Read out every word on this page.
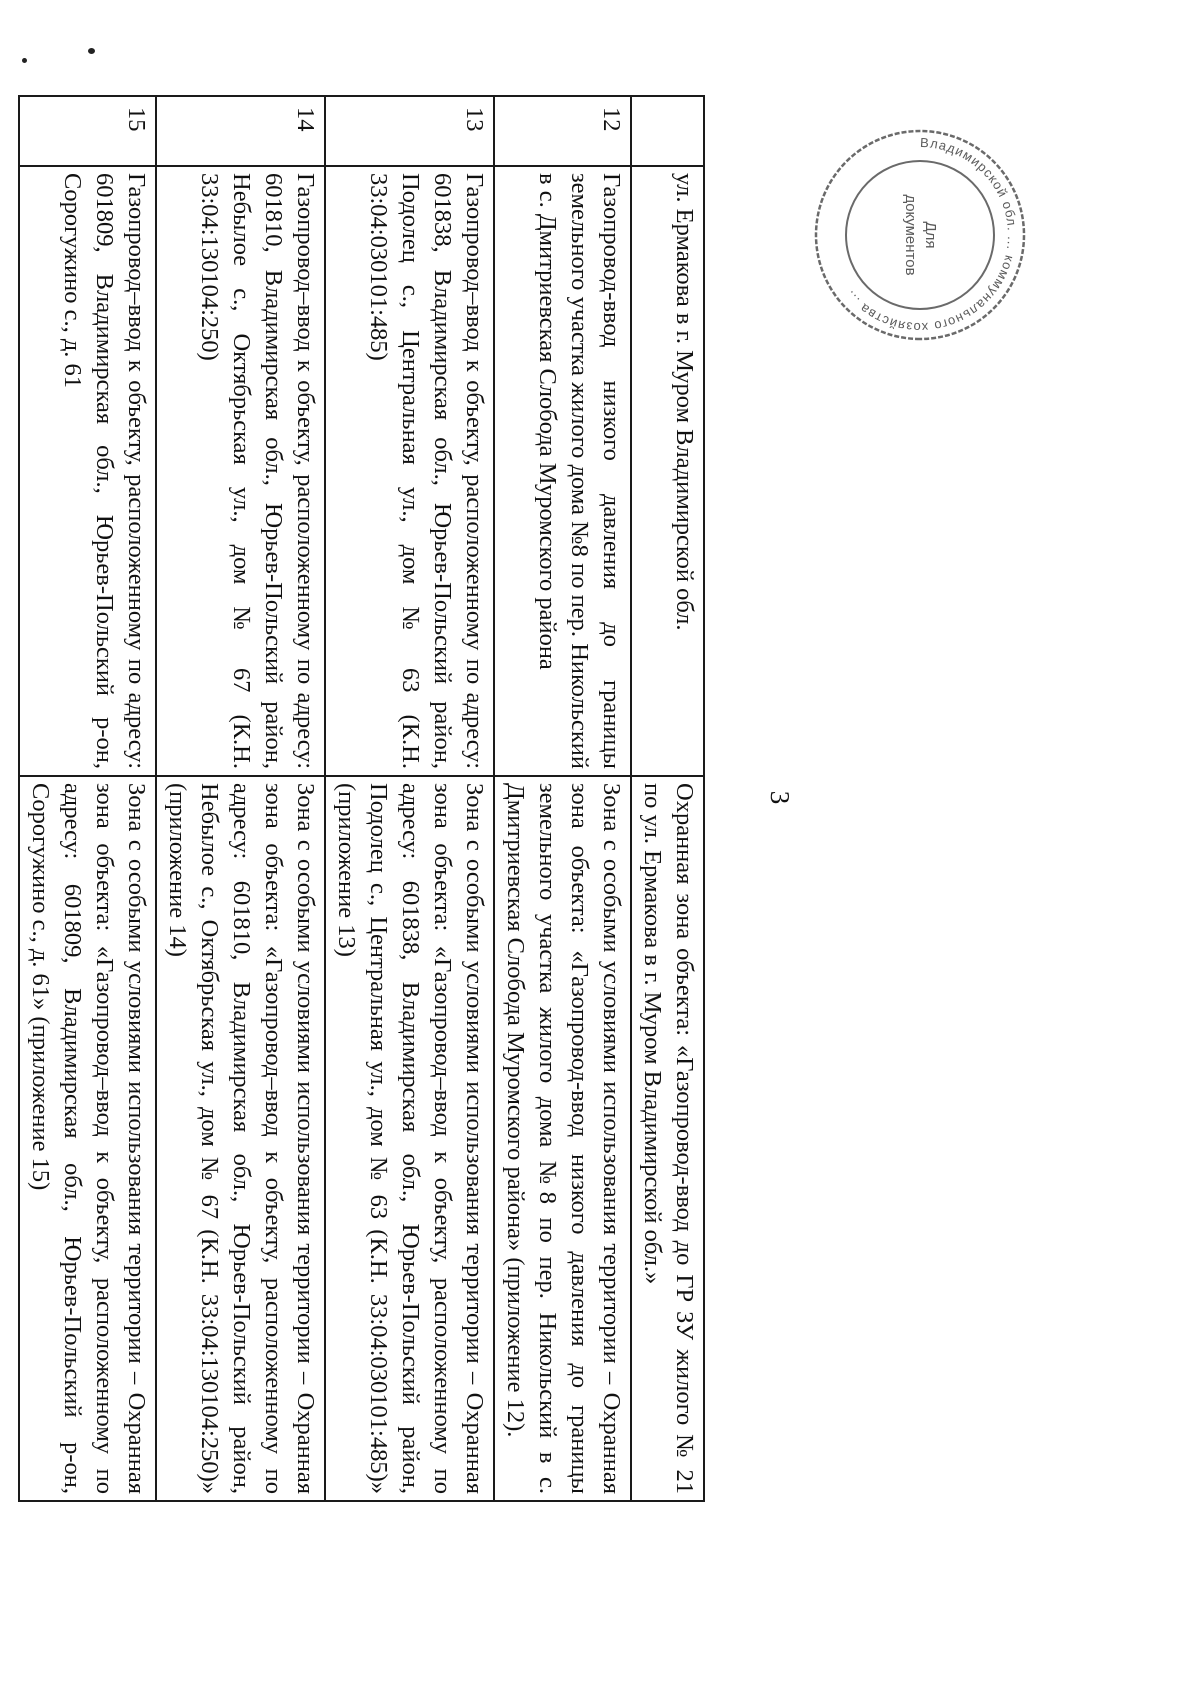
3
	ул. Ермакова в г. Муром Владимирской обл.	Охранная зона объекта: «Газопровод-ввод до ГР ЗУ жилого № 21 по ул. Ермакова в г. Муром Владимирской обл.»
12	Газопровод-ввод низкого давления до границы земельного участка жилого дома №8 по пер. Никольский в с. Дмитриевская Слобода Муромского района	Зона с особыми условиями использования территории – Охранная зона объекта: «Газопровод-ввод низкого давления до границы земельного участка жилого дома №8 по пер. Никольский в с. Дмитриевская Слобода Муромского района» (приложение 12).
13	Газопровод–ввод к объекту, расположенному по адресу: 601838, Владимирская обл., Юрьев-Польский район, Подолец с., Центральная ул., дом № 63 (К.Н. 33:04:030101:485)	Зона с особыми условиями использования территории – Охранная зона объекта: «Газопровод–ввод к объекту, расположенному по адресу: 601838, Владимирская обл., Юрьев-Польский район, Подолец с., Центральная ул., дом № 63 (К.Н. 33:04:030101:485)» (приложение 13)
14	Газопровод–ввод к объекту, расположенному по адресу: 601810, Владимирская обл., Юрьев-Польский район, Небылое с., Октябрьская ул., дом № 67 (К.Н. 33:04:130104:250)	Зона с особыми условиями использования территории – Охранная зона объекта: «Газопровод–ввод к объекту, расположенному по адресу: 601810, Владимирская обл., Юрьев-Польский район, Небылое с., Октябрьская ул., дом № 67 (К.Н. 33:04:130104:250)» (приложение 14)
15	Газопровод–ввод к объекту, расположенному по адресу: 601809, Владимирская обл., Юрьев-Польский р-он, Сорогужино с., д. 61	Зона с особыми условиями использования территории – Охранная зона объекта: «Газопровод–ввод к объекту, расположенному по адресу: 601809, Владимирская обл., Юрьев-Польский р-он, Сорогужино с., д. 61» (приложение 15)
Владимирской обл. ... коммунального хозяйства ...
Для
документов
